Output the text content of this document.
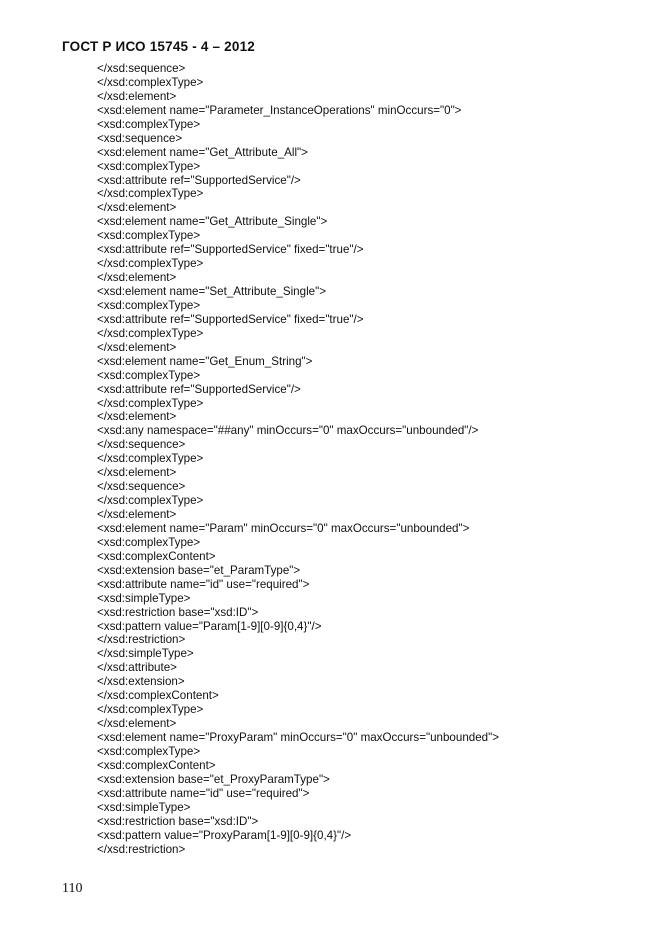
ГОСТ Р ИСО 15745 - 4 – 2012
</xsd:sequence>
</xsd:complexType>
</xsd:element>
<xsd:element name="Parameter_InstanceOperations" minOccurs="0">
<xsd:complexType>
<xsd:sequence>
<xsd:element name="Get_Attribute_All">
<xsd:complexType>
<xsd:attribute ref="SupportedService"/>
</xsd:complexType>
</xsd:element>
<xsd:element name="Get_Attribute_Single">
<xsd:complexType>
<xsd:attribute ref="SupportedService" fixed="true"/>
</xsd:complexType>
</xsd:element>
<xsd:element name="Set_Attribute_Single">
<xsd:complexType>
<xsd:attribute ref="SupportedService" fixed="true"/>
</xsd:complexType>
</xsd:element>
<xsd:element name="Get_Enum_String">
<xsd:complexType>
<xsd:attribute ref="SupportedService"/>
</xsd:complexType>
</xsd:element>
<xsd:any namespace="##any" minOccurs="0" maxOccurs="unbounded"/>
</xsd:sequence>
</xsd:complexType>
</xsd:element>
</xsd:sequence>
</xsd:complexType>
</xsd:element>
<xsd:element name="Param" minOccurs="0" maxOccurs="unbounded">
<xsd:complexType>
<xsd:complexContent>
<xsd:extension base="et_ParamType">
<xsd:attribute name="id" use="required">
<xsd:simpleType>
<xsd:restriction base="xsd:ID">
<xsd:pattern value="Param[1-9][0-9]{0,4}"/>
</xsd:restriction>
</xsd:simpleType>
</xsd:attribute>
</xsd:extension>
</xsd:complexContent>
</xsd:complexType>
</xsd:element>
<xsd:element name="ProxyParam" minOccurs="0" maxOccurs="unbounded">
<xsd:complexType>
<xsd:complexContent>
<xsd:extension base="et_ProxyParamType">
<xsd:attribute name="id" use="required">
<xsd:simpleType>
<xsd:restriction base="xsd:ID">
<xsd:pattern value="ProxyParam[1-9][0-9]{0,4}"/>
</xsd:restriction>
110
